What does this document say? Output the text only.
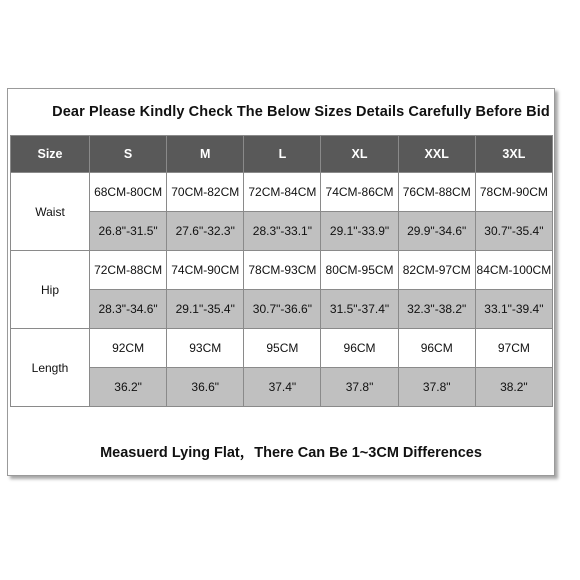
Dear Please Kindly Check The Below Sizes Details Carefully Before Bid
Size	S	M	L	XL	XXL	3XL
Waist	68CM-80CM	70CM-82CM	72CM-84CM	74CM-86CM	76CM-88CM	78CM-90CM
	26.8"-31.5"	27.6"-32.3"	28.3"-33.1"	29.1"-33.9"	29.9"-34.6"	30.7"-35.4"
Hip	72CM-88CM	74CM-90CM	78CM-93CM	80CM-95CM	82CM-97CM	84CM-100CM
	28.3"-34.6"	29.1"-35.4"	30.7"-36.6"	31.5"-37.4"	32.3"-38.2"	33.1"-39.4"
Length	92CM	93CM	95CM	96CM	96CM	97CM
	36.2"	36.6"	37.4"	37.8"	37.8"	38.2"
Measuerd Lying Flat，There Can Be 1~3CM Differences
